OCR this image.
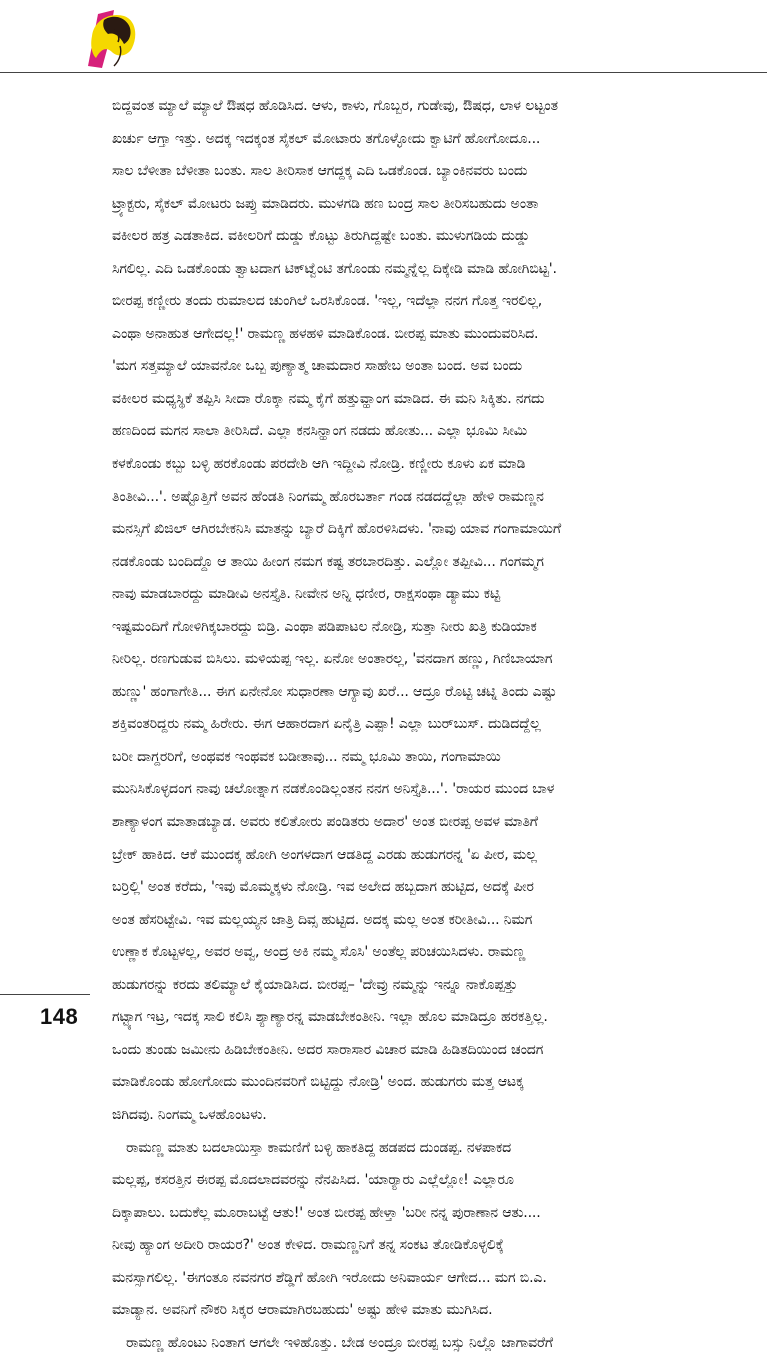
ಬಿದ್ದವಂತ ಮ್ಯಾಲೆ ಮ್ಯಾಲೆ ಔಷಧ ಹೊಡಿಸಿದ. ಆಳು, ಕಾಳು, ಗೊಬ್ಬರ, ಗುಡೇವು, ಔಷಧ, ಲಾಳ ಲಟ್ಟಂತ
ಖರ್ಚು ಆಗ್ತಾ ಇತ್ತು. ಅದಕ್ಕ ಇದಕ್ಕಂತ ಸೈಕಲ್ ಮೋಟಾರು ತಗೊಳ್ಳೋದು ಕ್ವಾಟಿಗೆ ಹೋಗೋದೂ...
ಸಾಲ ಬೆಳೀತಾ ಬೆಳೀತಾ ಬಂತು. ಸಾಲ ತೀರಿಸಾಕ ಆಗದ್ದಕ್ಕ ಎದಿ ಒಡಕೊಂಡ. ಬ್ಯಾಂಕಿನವರು ಬಂದು
ಟ್ರ್ಯಾಕ್ಟರು, ಸೈಕಲ್ ಮೋಟರು ಜಪ್ತು ಮಾಡಿದರು. ಮುಳಗಡಿ ಹಣ ಬಂದ್ರ ಸಾಲ ತೀರಿಸಬಹುದು ಅಂತಾ
ವಕೀಲರ ಹತ್ರ ಎಡತಾಕಿದ. ವಕೀಲರಿಗೆ ದುಡ್ಡು ಕೊಟ್ಟು ತಿರುಗಿದ್ದಷ್ಟೇ ಬಂತು. ಮುಳುಗಡಿಯ ದುಡ್ಡು
ಸಿಗಲಿಲ್ಲ. ಎದಿ ಒಡಕೊಂಡು ತ್ವಾಟದಾಗ ಟಿಕ್‌ಟ್ವೆಂಟಿ ತಗೊಂಡು ನಮ್ಮನ್ನೆಲ್ಲ ದಿಕ್ಕೇಡಿ ಮಾಡಿ ಹೋಗಿಬಿಟ್ಟ'.
ಬೀರಪ್ಪ ಕಣ್ಣೀರು ತಂದು ರುಮಾಲದ ಚುಂಗಿಲೆ ಒರಸಿಕೊಂಡ. 'ಇಲ್ಲ, ಇದೆಲ್ಲಾ ನನಗ ಗೊತ್ತ ಇರಲಿಲ್ಲ,
ಎಂಥಾ ಅನಾಹುತ ಆಗೇದಲ್ಲ!' ರಾಮಣ್ಣ ಹಳಹಳಿ ಮಾಡಿಕೊಂಡ. ಬೀರಪ್ಪ ಮಾತು ಮುಂದುವರಿಸಿದ.
'ಮಗ ಸತ್ತಮ್ಯಾಲೆ ಯಾವನೋ ಒಬ್ಬ ಪುಣ್ಯಾತ್ಮ ಚಾಮದಾರ ಸಾಹೇಬ ಅಂತಾ ಬಂದ. ಅವ ಬಂದು
ವಕೀಲರ ಮಧ್ಯಸ್ಥಿಕೆ ತಪ್ಪಿಸಿ ಸೀದಾ ರೊಕ್ಕಾ ನಮ್ಮ ಕೈಗೆ ಹತ್ತುವ್ಹಾಂಗ ಮಾಡಿದ. ಈ ಮನಿ ಸಿಕ್ಕಿತು. ನಗದು
ಹಣದಿಂದ ಮಗನ ಸಾಲಾ ತೀರಿಸಿದೆ. ಎಲ್ಲಾ ಕನಸಿನ್ಹಾಂಗ ನಡದು ಹೋತು... ಎಲ್ಲಾ ಭೂಮಿ ಸೀಮಿ
ಕಳಕೊಂಡು ಕಬ್ಬು ಬಳ್ಳಿ ಹರಕೊಂಡು ಪರದೇಶಿ ಆಗಿ ಇದ್ದೀವಿ ನೋಡ್ರಿ. ಕಣ್ಣೀರು ಕೂಳು ಏಕ ಮಾಡಿ
ತಿಂತೀವಿ...'. ಅಷ್ಟೊತ್ತಿಗೆ ಅವನ ಹೆಂಡತಿ ನಿಂಗಮ್ಮ ಹೊರಬರ್ತಾ ಗಂಡ ನಡದದ್ದೆಲ್ಲಾ ಹೇಳಿ ರಾಮಣ್ಣನ
ಮನಸ್ಸಿಗೆ ಖಿಜಿಲ್ ಆಗಿರಬೇಕನಿಸಿ ಮಾತನ್ನು ಬ್ಯಾರೆ ದಿಕ್ಕಿಗೆ ಹೊರಳಿಸಿದಳು. 'ನಾವು ಯಾವ ಗಂಗಾಮಾಯಿಗೆ
ನಡಕೊಂಡು ಬಂದಿದ್ದೊ ಆ ತಾಯಿ ಹೀಂಗ ನಮಗ ಕಷ್ಟ ತರಬಾರದಿತ್ತು. ಎಲ್ಲೋ ತಪ್ಪೀವಿ... ಗಂಗಮ್ಮಗ
ನಾವು ಮಾಡಬಾರದ್ದು ಮಾಡೀವಿ ಅನಸ್ತೈತಿ. ನೀವೇನ ಅನ್ನಿ ಧಣೀರ, ರಾಕ್ಷಸಂಥಾ ಡ್ಯಾಮು ಕಟ್ಟಿ
ಇಷ್ಟಮಂದಿಗೆ ಗೋಳಿಗಿಕ್ಕಬಾರದ್ದು ಬಿಡ್ರಿ. ಎಂಥಾ ಪಡಿಪಾಟಲ ನೋಡ್ರಿ, ಸುತ್ತಾ ನೀರು ಖತ್ರಿ ಕುಡಿಯಾಕ
ನೀರಿಲ್ಲ. ರಣಗುಡುವ ಬಿಸಿಲು. ಮಳಿಯಪ್ಪ ಇಲ್ಲ. ಏನೋ ಅಂತಾರಲ್ಲ, 'ವನದಾಗ ಹಣ್ಣು, ಗಿಣಿಬಾಯಾಗ
ಹುಣ್ಣು' ಹಂಗಾಗೇತಿ... ಈಗ ಏನೇನೋ ಸುಧಾರಣಾ ಆಗ್ಯಾವು ಖರೆ... ಆದ್ರೂ ರೊಟ್ಟಿ ಚಟ್ನಿ ತಿಂದು ಎಷ್ಟು
ಶಕ್ತಿವಂತರಿದ್ದರು ನಮ್ಮ ಹಿರೇರು. ಈಗ ಆಹಾರದಾಗ ಏನೈತ್ರಿ ಎಪ್ಪಾ! ಎಲ್ಲಾ ಬುರ್‌ಬುಸ್. ದುಡಿದದ್ದೆಲ್ಲ
ಬರೀ ದಾಗ್ದರರಿಗೆ, ಅಂಥವಕ ಇಂಥವಕ ಬಡೀತಾವು... ನಮ್ಮ ಭೂಮಿ ತಾಯಿ, ಗಂಗಾಮಾಯಿ
ಮುನಿಸಿಕೊಳ್ಳದಂಗ ನಾವು ಚಲೋತ್ನಾಗ ನಡಕೊಂಡಿಲ್ಲಂತನ ನನಗ ಅನಿಸ್ತೈತಿ...'. 'ರಾಯರ ಮುಂದ ಬಾಳ
ಶಾಣ್ಯಾಳಂಗ ಮಾತಾಡಬ್ಯಾಡ. ಅವರು ಕಲಿತೋರು ಪಂಡಿತರು ಅದಾರ' ಅಂತ ಬೀರಪ್ಪ ಅವಳ ಮಾತಿಗೆ
ಬ್ರೇಕ್ ಹಾಕಿದ. ಆಕೆ ಮುಂದಕ್ಕ ಹೋಗಿ ಅಂಗಳದಾಗ ಆಡತಿದ್ದ ಎರಡು ಹುಡುಗರನ್ನ 'ಏ ಪೀರ, ಮಲ್ಲ
ಬರ್ರಿಲ್ಲಿ' ಅಂತ ಕರೆದು, 'ಇವು ಮೊಮ್ಮಕ್ಕಳು ನೋಡ್ರಿ. ಇವ ಅಲೇದ ಹಬ್ಬದಾಗ ಹುಟ್ಟಿದ, ಅದಕ್ಕೆ ಪೀರ
ಅಂತ ಹೆಸರಿಟ್ಟೇವಿ. ಇವ ಮಲ್ಲಯ್ಯನ ಜಾತ್ರಿ ದಿವ್ಸ ಹುಟ್ಟಿದ. ಅದಕ್ಕ ಮಲ್ಲ ಅಂತ ಕರೀತೀವಿ... ನಿಮಗ
ಉಣ್ಣಾಕ ಕೊಟ್ಟಳಲ್ಲ, ಅವರ ಅವ್ವ, ಅಂದ್ರ ಅಕಿ ನಮ್ಮ ಸೊಸಿ' ಅಂತೆಲ್ಲ ಪರಿಚಯಿಸಿದಳು. ರಾಮಣ್ಣ
ಹುಡುಗರನ್ನು ಕರದು ತಲಿಮ್ಯಾಲೆ ಕೈಯಾಡಿಸಿದ. ಬೀರಪ್ಪ– 'ದೇವ್ರು ನಮ್ಮನ್ನು ಇನ್ನೂ ನಾಕೊಪ್ಪತ್ತು
ಗಟ್ಟ್ಯಾಗ ಇಟ್ರ, ಇದಕ್ಕ ಸಾಲಿ ಕಲಿಸಿ ಶ್ಯಾಣ್ಯಾರನ್ನ ಮಾಡಬೇಕಂತೀನಿ. ಇಲ್ಲಾ ಹೊಲ ಮಾಡಿದ್ರೂ ಹರಕತ್ತಿಲ್ಲ.
ಒಂದು ತುಂಡು ಜಮೀನು ಹಿಡಿಬೇಕಂತೀನಿ. ಅದರ ಸಾರಾಸಾರ ವಿಚಾರ ಮಾಡಿ ಹಿಡಿತದಿಯಿಂದ ಚಂದಗ
ಮಾಡಿಕೊಂಡು ಹೋಗೋದು ಮುಂದಿನವರಿಗೆ ಬಿಟ್ಟಿದ್ದು ನೋಡ್ರಿ' ಅಂದ. ಹುಡುಗರು ಮತ್ತ ಆಟಕ್ಕ
ಜಿಗಿದವು. ನಿಂಗಮ್ಮ ಒಳಹೊಂಟಳು.
ರಾಮಣ್ಣ ಮಾತು ಬದಲಾಯಿಸ್ತಾ ಕಾಮಣಿಗೆ ಬಳ್ಳಿ ಹಾಕತಿದ್ದ ಹಡಪದ ದುಂಡಪ್ಪ. ನಳಪಾಕದ
ಮಲ್ಲಪ್ಪ, ಕಸರತ್ತಿನ ಈರಪ್ಪ ಮೊದಲಾದವರನ್ನು ನೆನಪಿಸಿದ. 'ಯಾರ‍್ಯಾರು ಎಲ್ಲೆಲ್ಲೋ! ಎಲ್ಲಾರೂ
ದಿಕ್ಕಾಪಾಲು. ಬದುಕೆಲ್ಲ ಮೂರಾಬಟ್ಟೆ ಆತು!' ಅಂತ ಬೀರಪ್ಪ ಹೇಳ್ತಾ 'ಬರೀ ನನ್ನ ಪುರಾಣಾನ ಆತು....
ನೀವು ಹ್ಯಾಂಗ ಅದೀರಿ ರಾಯರ?' ಅಂತ ಕೇಳಿದ. ರಾಮಣ್ಣನಿಗೆ ತನ್ನ ಸಂಕಟ ತೋಡಿಕೊಳ್ಳಲಿಕ್ಕೆ
ಮನಸ್ಸಾಗಲಿಲ್ಲ. 'ಈಗಂತೂ ನವನಗರ ಶೆಡ್ಡಿಗೆ ಹೋಗಿ ಇರೋದು ಅನಿವಾರ್ಯ ಆಗೇದ... ಮಗ ಬಿ.ಎ.
ಮಾಡ್ಯಾನ. ಅವನಿಗೆ ನೌಕರಿ ಸಿಕ್ಕರ ಆರಾಮಾಗಿರಬಹುದು' ಅಷ್ಟು ಹೇಳಿ ಮಾತು ಮುಗಿಸಿದ.
ರಾಮಣ್ಣ ಹೊಂಟು ನಿಂತಾಗ ಆಗಲೇ ಇಳಿಹೊತ್ತು. ಬೇಡ ಅಂದ್ರೂ ಬೀರಪ್ಪ ಬಸ್ಸು ನಿಲ್ಲೊ ಜಾಗಾವರೆಗೆ
148
